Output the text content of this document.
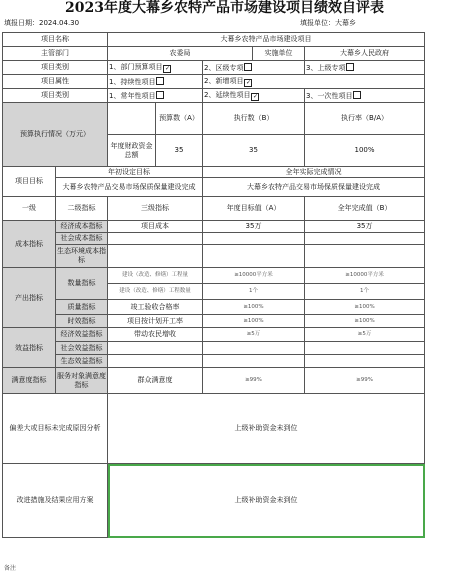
2023年度大幕乡农特产品市场建设项目绩效自评表
填报日期：2024.04.30	填报单位：大幕乡
项目名称		大幕乡农特产品市场建设项目				
主管部门		农委局			实施单位	大幕乡人民政府
项目类别		1、部门预算项目✓		2、区级专项		3、上级专项
项目属性		1、持续性项目		2、新增项目✓
项目类别		1、常年性项目		2、延续性项目✓		3、一次性项目
预算执行情况（万元）			预算数（A）	执行数（B）		执行率（B/A）
		年度财政资金总额	35	35		100%
项目目标	年初设定目标			全年实际完成情况		
	大幕乡农特产品交易市场保质保量建设完成			大幕乡农特产品交易市场保质保量建设完成		
一级	二级指标	三级指标		年度目标值（A）		全年完成值（B）
成本指标	经济成本指标	项目成本		35万		35万
	社会成本指标					
	生态环境成本指标					
产出指标	数量指标	建设（改造、修缮）工程量		≥10000平方米		≥10000平方米
		建设（改造、修缮）工程数量		1个		1个
	质量指标	竣工验收合格率		≥100%		≥100%
	时效指标	项目按计划开工率		≥100%		≥100%
效益指标	经济效益指标	带动农民增收		≥5万		≥5万
	社会效益指标					
	生态效益指标					
满意度指标	服务对象满意度指标	群众满意度		≥99%		≥99%
偏差大或目标未完成原因分析		上级补助资金未到位				
改进措施及结果应用方案		上级补助资金未到位				
备注
